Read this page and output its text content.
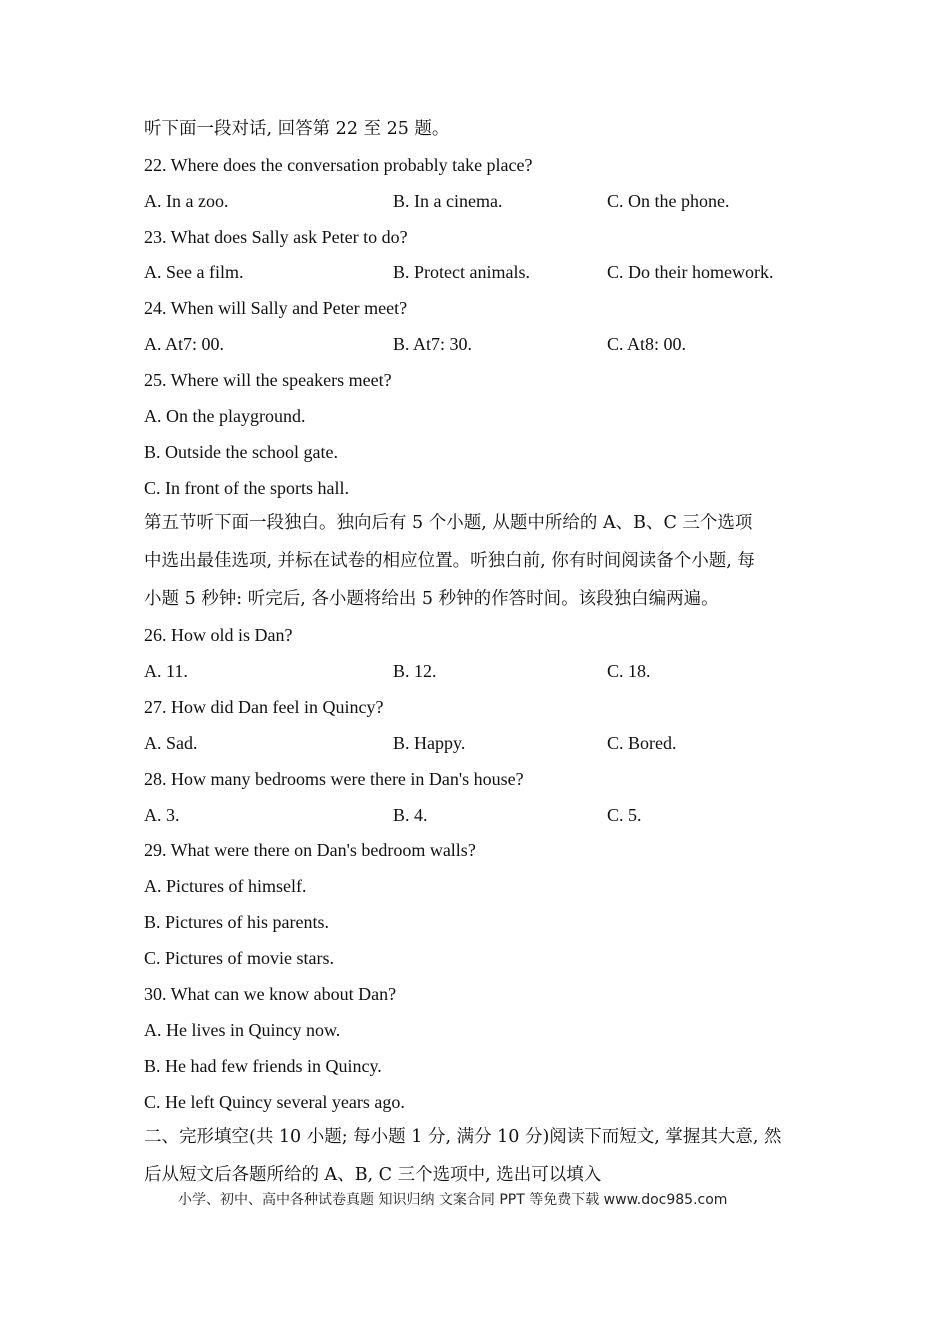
听下面一段对话, 回答第 22 至 25 题。
22. Where does the conversation probably take place?
A. In a zoo.	B. In a cinema.	C. On the phone.
23. What does Sally ask Peter to do?
A. See a film.	B. Protect animals.	C. Do their homework.
24. When will Sally and Peter meet?
A. At7: 00.	B. At7: 30.	C. At8: 00.
25. Where will the speakers meet?
A. On the playground.
B. Outside the school gate.
C. In front of the sports hall.
第五节听下面一段独白。独向后有 5 个小题, 从题中所给的 A、B、C 三个选项
中选出最佳选项, 并标在试卷的相应位置。听独白前, 你有时间阅读备个小题, 每
小题 5 秒钟: 听完后, 各小题将给出 5 秒钟的作答时间。该段独白编两遍。
26. How old is Dan?
A. 11.	B. 12.	C. 18.
27. How did Dan feel in Quincy?
A. Sad.	B. Happy.	C. Bored.
28. How many bedrooms were there in Dan's house?
A. 3.	B. 4.	C. 5.
29. What were there on Dan's bedroom walls?
A. Pictures of himself.
B. Pictures of his parents.
C. Pictures of movie stars.
30. What can we know about Dan?
A. He lives in Quincy now.
B. He had few friends in Quincy.
C. He left Quincy several years ago.
二、完形填空(共 10 小题; 每小题 1 分, 满分 10 分)阅读下而短文, 掌握其大意, 然
后从短文后各题所给的 A、B, C 三个选项中, 选出可以填入
小学、初中、高中各种试卷真题 知识归纳 文案合同 PPT 等免费下载 www.doc985.com
